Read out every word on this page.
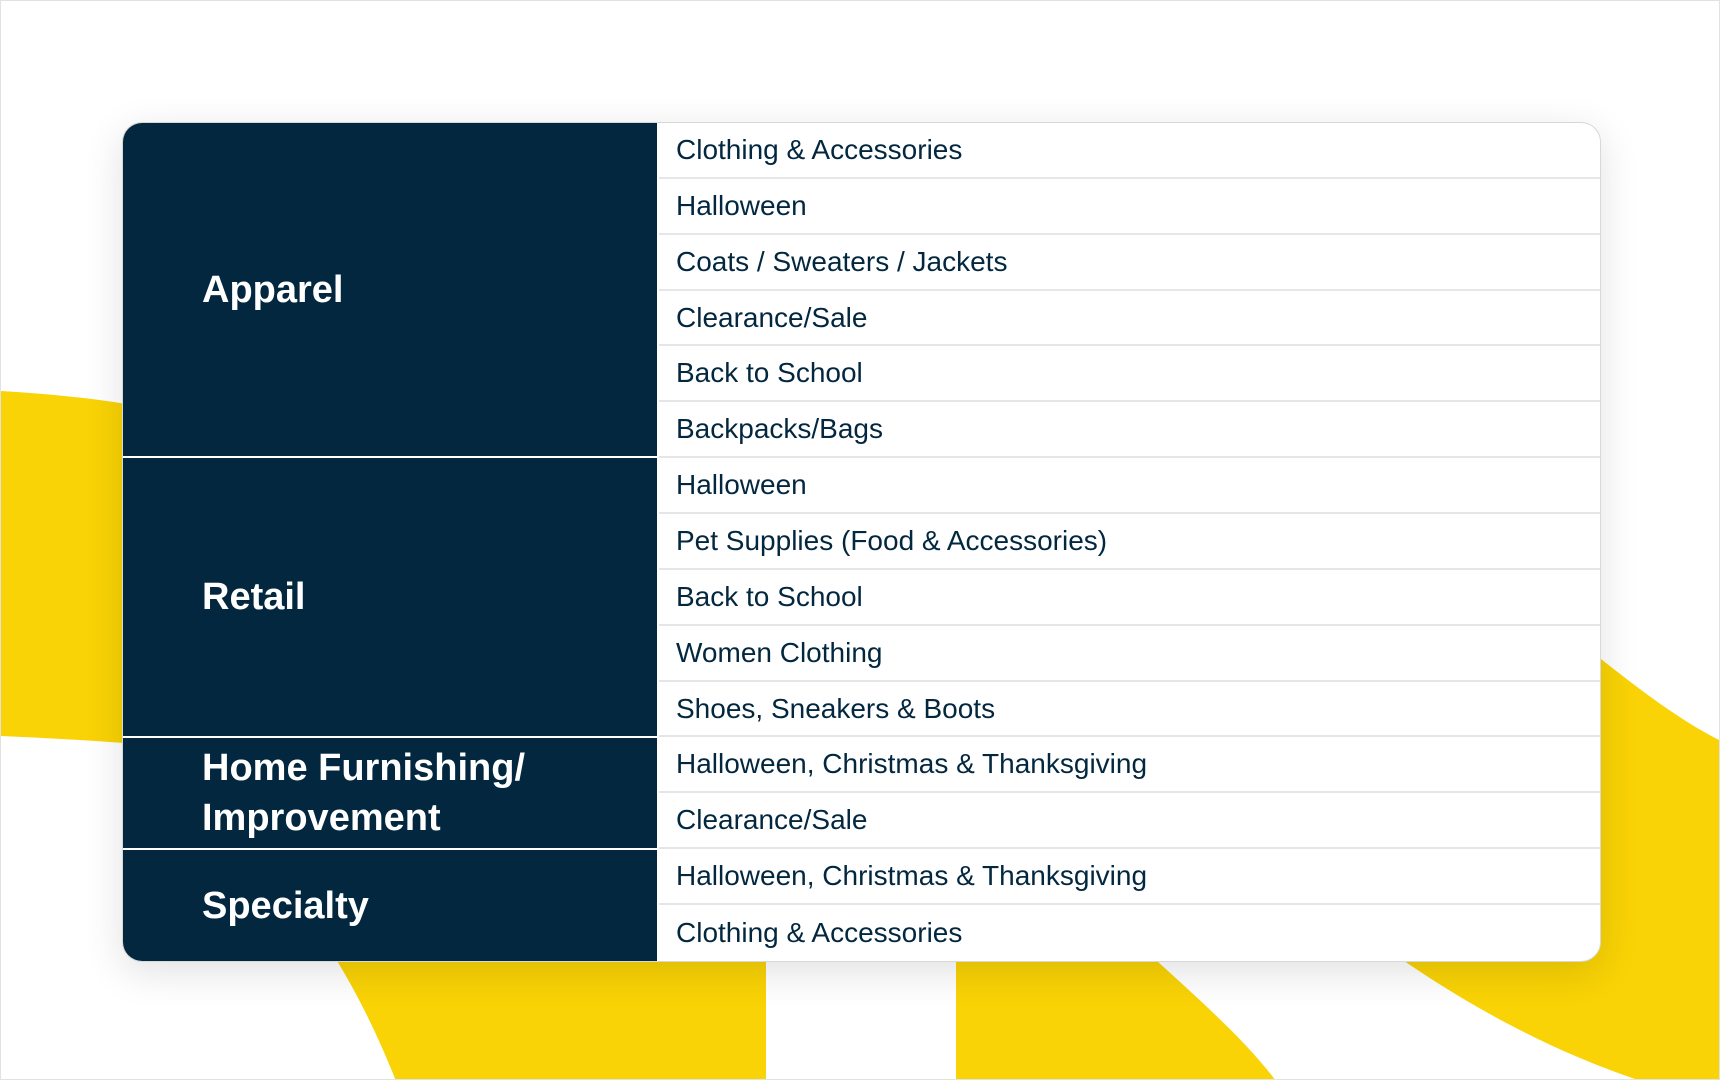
Apparel
Retail
Home Furnishing/ Improvement
Specialty
Clothing & Accessories
Halloween
Coats / Sweaters / Jackets
Clearance/Sale
Back to School
Backpacks/Bags
Halloween
Pet Supplies (Food & Accessories)
Back to School
Women Clothing
Shoes, Sneakers & Boots
Halloween, Christmas & Thanksgiving
Clearance/Sale
Halloween, Christmas & Thanksgiving
Clothing & Accessories
